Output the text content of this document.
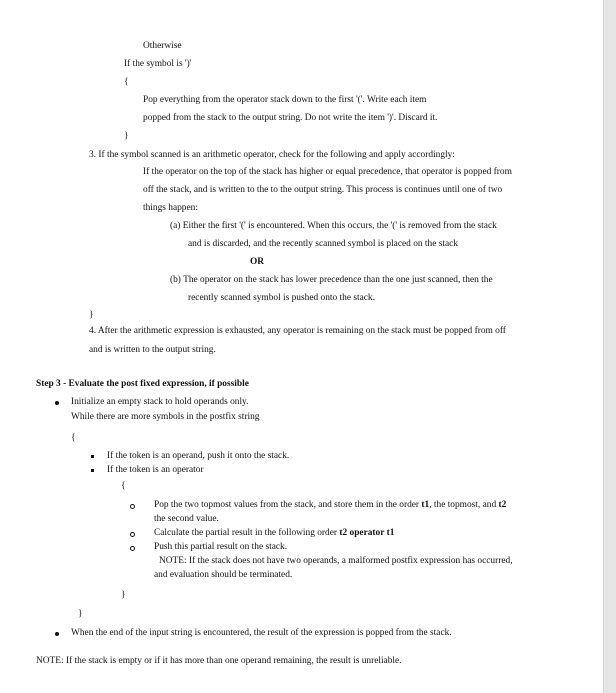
Otherwise
If the symbol is ')'
{
Pop everything from the operator stack down to the first '('. Write each item
popped from the stack to the output string. Do not write the item ')'. Discard it.
}
3. If the symbol scanned is an arithmetic operator, check for the following and apply accordingly:
If the operator on the top of the stack has higher or equal precedence, that operator is popped from
off the stack, and is written to the to the output string. This process is continues until one of two
things happen:
(a) Either the first '(' is encountered. When this occurs, the '(' is removed from the stack
and is discarded, and the recently scanned symbol is placed on the stack
OR
(b) The operator on the stack has lower precedence than the one just scanned, then the
recently scanned symbol is pushed onto the stack.
}
4. After the arithmetic expression is exhausted, any operator is remaining on the stack must be popped from off
and is written to the output string.
Step 3 - Evaluate the post fixed expression, if possible
Initialize an empty stack to hold operands only.
While there are more symbols in the postfix string
{
If the token is an operand, push it onto the stack.
If the token is an operator
{
Pop the two topmost values from the stack, and store them in the order t1, the topmost, and t2
the second value.
Calculate the partial result in the following order t2 operator t1
Push this partial result on the stack.
NOTE: If the stack does not have two operands, a malformed postfix expression has occurred,
and evaluation should be terminated.
}
}
When the end of the input string is encountered, the result of the expression is popped from the stack.
NOTE: If the stack is empty or if it has more than one operand remaining, the result is unreliable.
